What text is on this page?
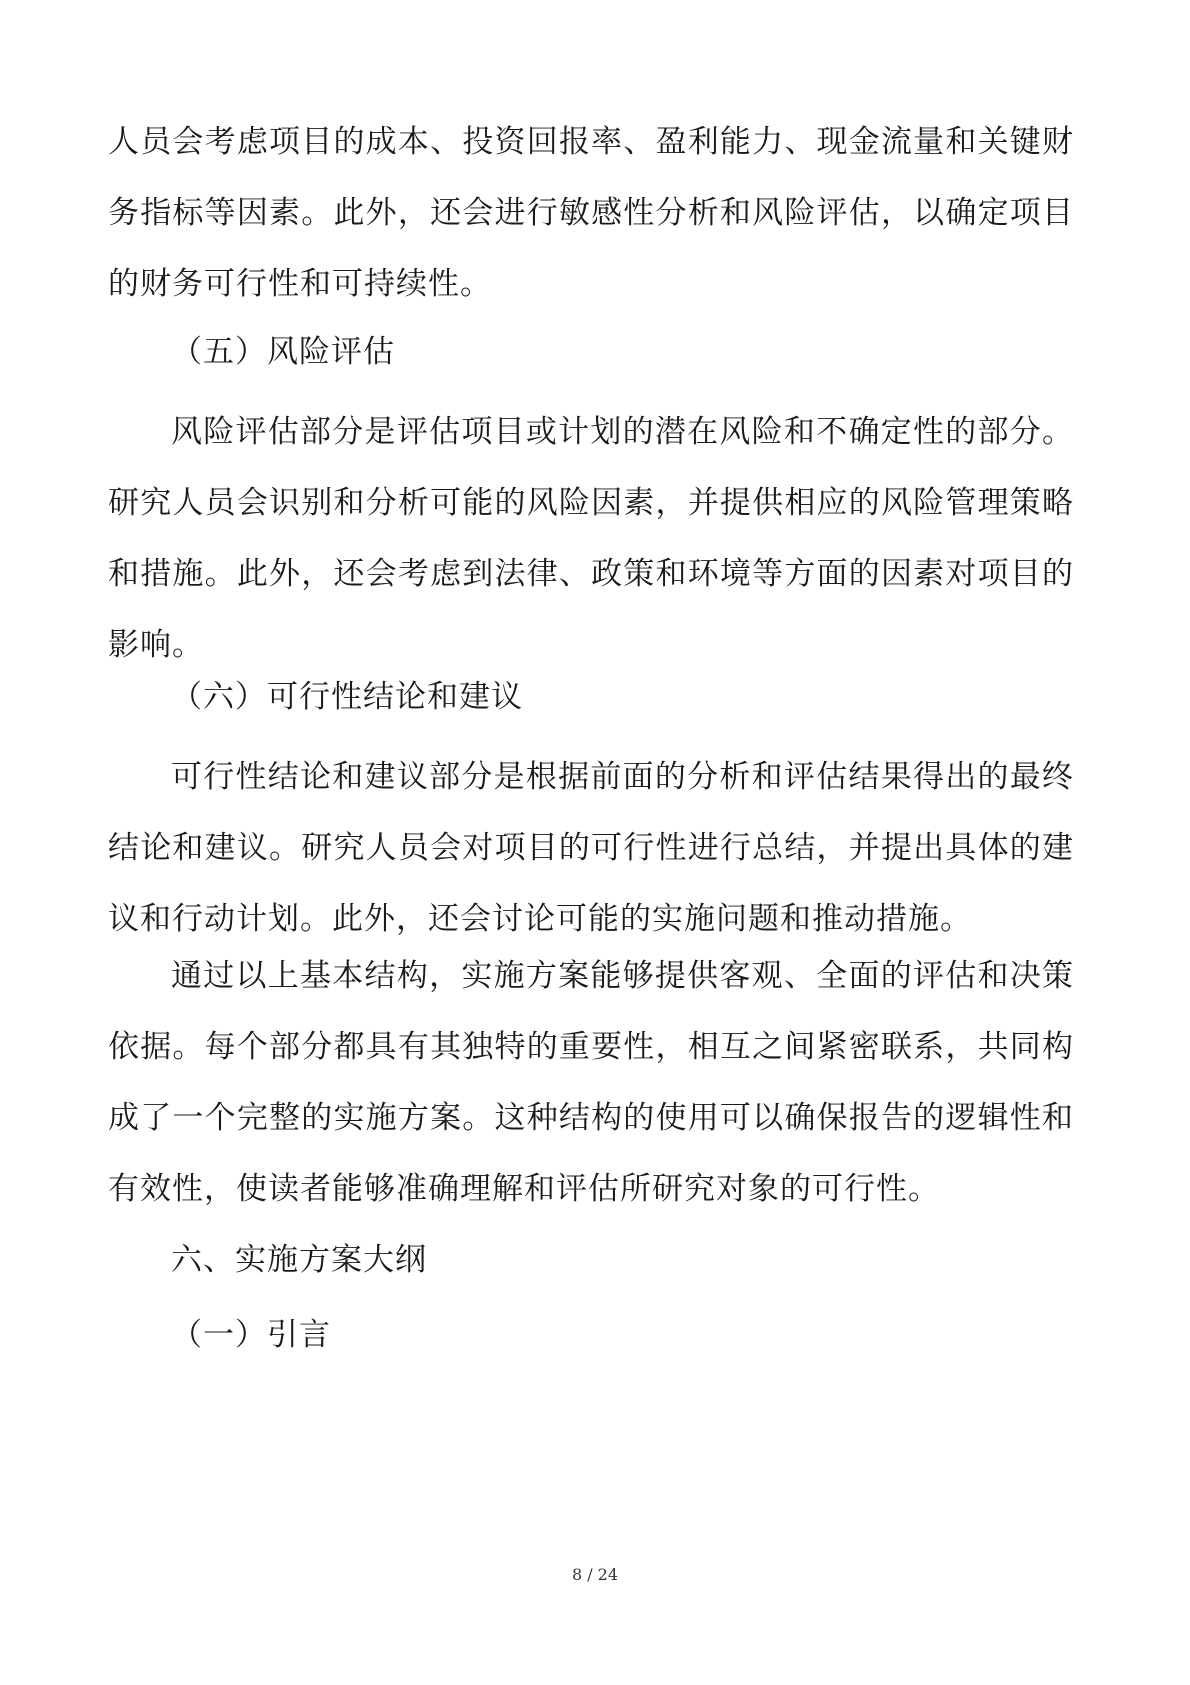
人员会考虑项目的成本、投资回报率、盈利能力、现金流量和关键财务指标等因素。此外，还会进行敏感性分析和风险评估，以确定项目的财务可行性和可持续性。

（五）风险评估

风险评估部分是评估项目或计划的潜在风险和不确定性的部分。研究人员会识别和分析可能的风险因素，并提供相应的风险管理策略和措施。此外，还会考虑到法律、政策和环境等方面的因素对项目的影响。

（六）可行性结论和建议

可行性结论和建议部分是根据前面的分析和评估结果得出的最终结论和建议。研究人员会对项目的可行性进行总结，并提出具体的建议和行动计划。此外，还会讨论可能的实施问题和推动措施。

通过以上基本结构，实施方案能够提供客观、全面的评估和决策依据。每个部分都具有其独特的重要性，相互之间紧密联系，共同构成了一个完整的实施方案。这种结构的使用可以确保报告的逻辑性和有效性，使读者能够准确理解和评估所研究对象的可行性。

六、实施方案大纲

（一）引言

8 / 24
